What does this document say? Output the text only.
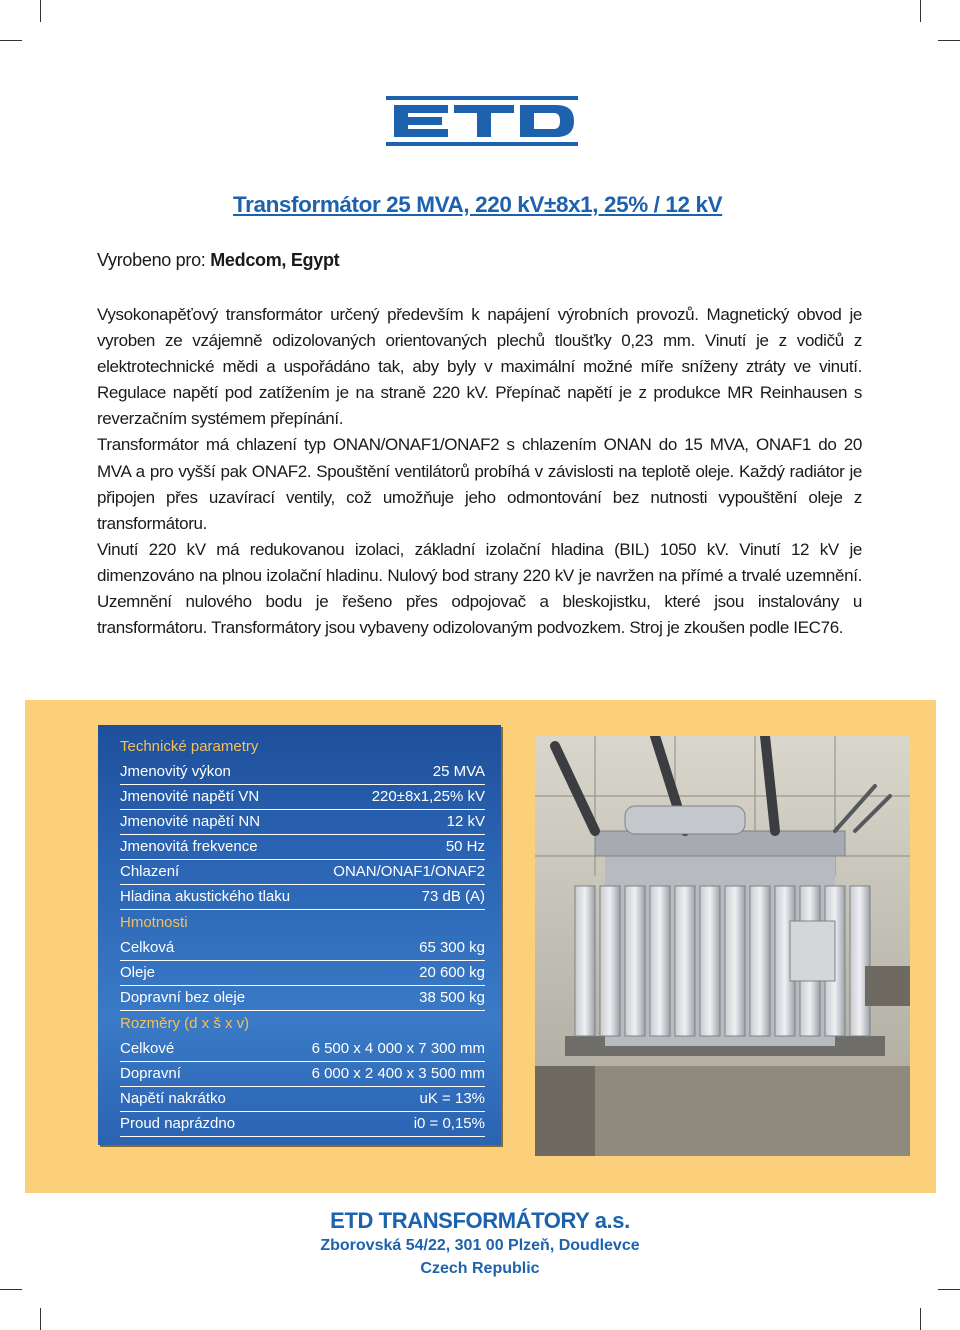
Transformátor 25 MVA, 220 kV±8x1, 25% / 12 kV
Vyrobeno pro: Medcom, Egypt

Vysokonapěťový transformátor určený především k napájení výrobních provozů. Magnetický obvod je vyroben ze vzájemně odizolovaných orientovaných plechů tloušťky 0,23 mm. Vinutí je z vodičů z elektrotechnické mědi a uspořádáno tak, aby byly v maximální možné míře sníženy ztráty ve vinutí. Regulace napětí pod zatížením je na straně 220 kV. Přepínač napětí je z produkce MR Reinhausen s reverzačním systémem přepínání.

Transformátor má chlazení typ ONAN/ONAF1/ONAF2 s chlazením ONAN do 15 MVA, ONAF1 do 20 MVA a pro vyšší pak ONAF2. Spouštění ventilátorů probíhá v závislosti na teplotě oleje. Každý radiátor je připojen přes uzavírací ventily, což umožňuje jeho odmontování bez nutnosti vypouštění oleje z transformátoru.

Vinutí 220 kV má redukovanou izolaci, základní izolační hladina (BIL) 1050 kV. Vinutí 12 kV je dimenzováno na plnou izolační hladinu. Nulový bod strany 220 kV je navržen na přímé a trvalé uzemnění. Uzemnění nulového bodu je řešeno přes odpojovač a bleskojistku, které jsou instalovány u transformátoru. Transformátory jsou vybaveny odizolovaným podvozkem. Stroj je zkoušen podle IEC76.

Technické parametry
Jmenovitý výkon	25 MVA
Jmenovité napětí VN	220±8x1,25% kV
Jmenovité napětí NN	12 kV
Jmenovitá frekvence	50 Hz
Chlazení	ONAN/ONAF1/ONAF2
Hladina akustického tlaku	73 dB (A)
Hmotnosti
Celková	65 300 kg
Oleje	20 600 kg
Dopravní bez oleje	38 500 kg
Rozměry (d x š x v)
Celkové	6 500 x 4 000 x 7 300 mm
Dopravní	6 000 x 2 400 x 3 500 mm
Napětí nakrátko	uK = 13%
Proud naprázdno	i0 = 0,15%
ETD TRANSFORMÁTORY a.s.
Zborovská 54/22, 301 00 Plzeň, Doudlevce
Czech Republic
